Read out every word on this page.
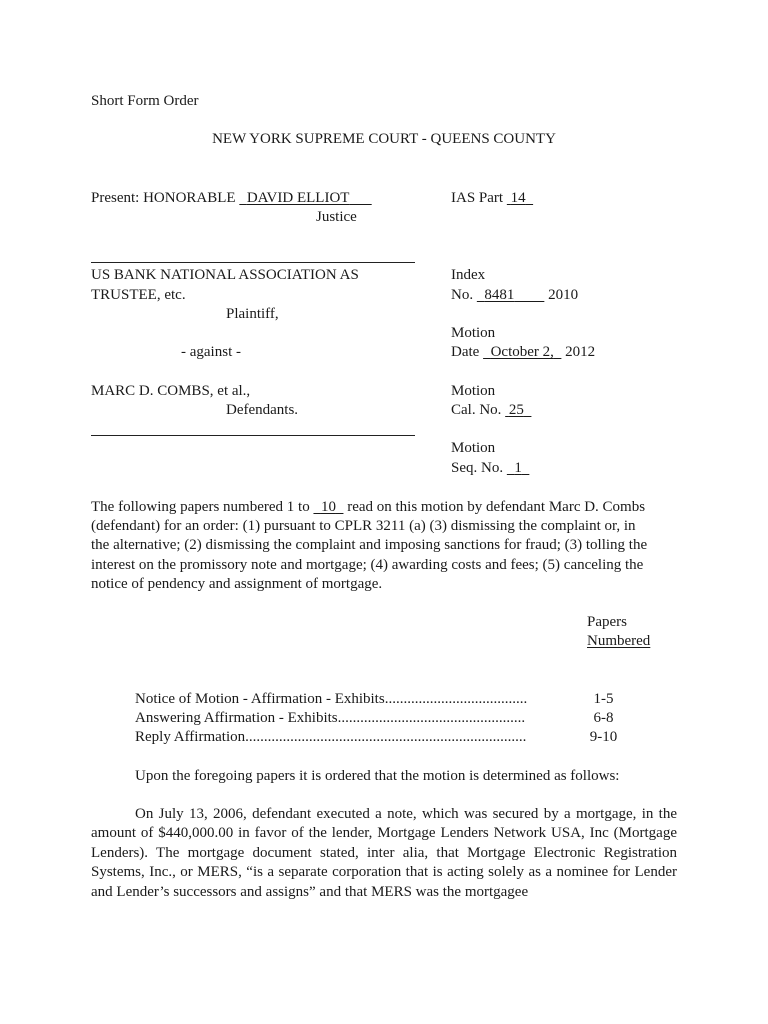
Short Form Order
NEW YORK SUPREME COURT - QUEENS COUNTY
Present: HONORABLE DAVID ELLIOT
Justice
IAS Part 14
US BANK NATIONAL ASSOCIATION AS
TRUSTEE, etc.
Plaintiff,
- against -
MARC D. COMBS, et al.,
Defendants.
Index
No. 8481 2010
Motion
Date October 2, 2012
Motion
Cal. No. 25
Motion
Seq. No. 1
The following papers numbered 1 to 10 read on this motion by defendant Marc D. Combs
(defendant) for an order: (1) pursuant to CPLR 3211 (a) (3) dismissing the complaint or, in
the alternative; (2) dismissing the complaint and imposing sanctions for fraud; (3) tolling the
interest on the promissory note and mortgage; (4) awarding costs and fees; (5) canceling the
notice of pendency and assignment of mortgage.
Papers
Numbered
Notice of Motion - Affirmation - Exhibits......................................	1-5
Answering Affirmation - Exhibits..................................................	6-8
Reply Affirmation...........................................................................	9-10
Upon the foregoing papers it is ordered that the motion is determined as follows:
On July 13, 2006, defendant executed a note, which was secured by a mortgage, in the amount of $440,000.00 in favor of the lender, Mortgage Lenders Network USA, Inc (Mortgage Lenders). The mortgage document stated, inter alia, that Mortgage Electronic Registration Systems, Inc., or MERS, “is a separate corporation that is acting solely as a nominee for Lender and Lender’s successors and assigns” and that MERS was the mortgagee
